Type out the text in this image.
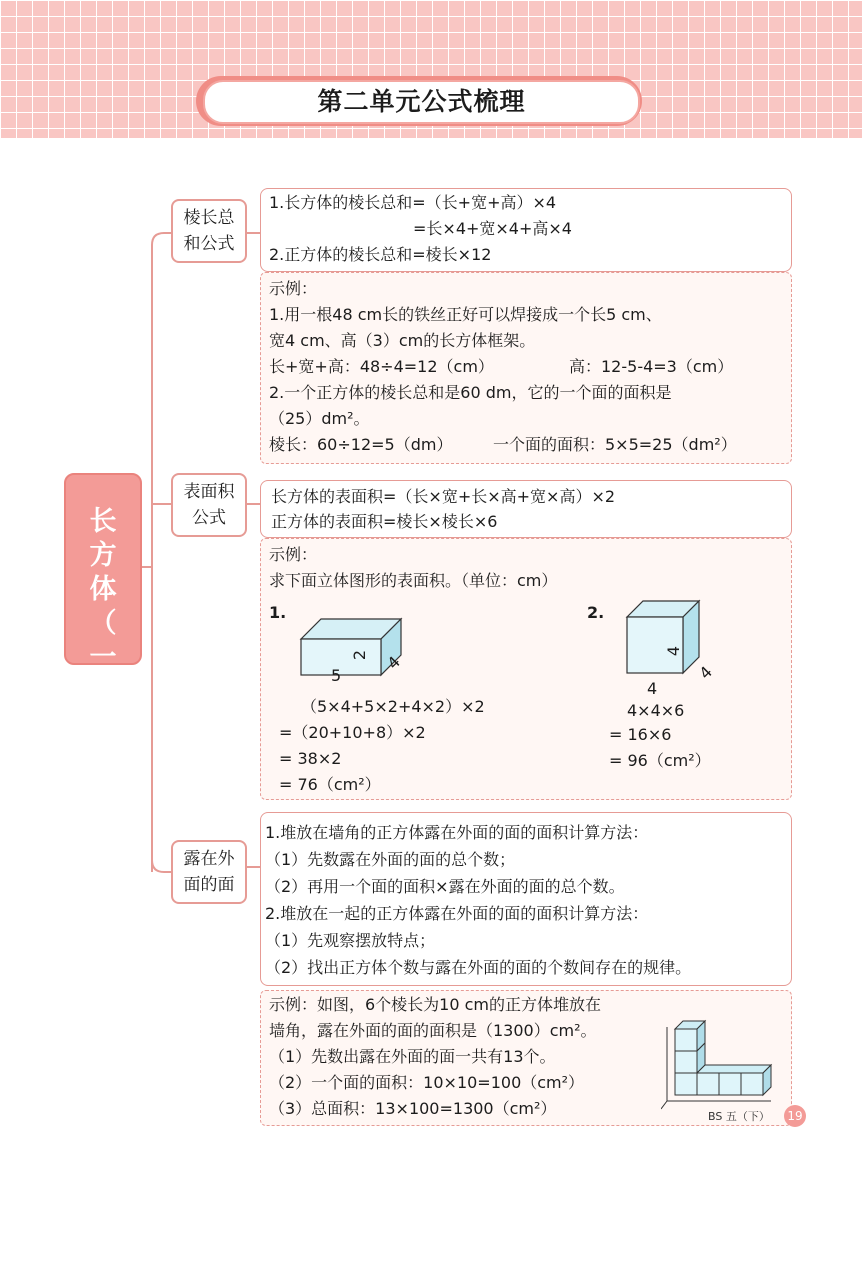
第二单元公式梳理
长
方
体
（
一
）
棱长总
和公式
1.长方体的棱长总和=（长+宽+高）×4
=长×4+宽×4+高×4
2.正方体的棱长总和=棱长×12
示例：
1.用一根48 cm长的铁丝正好可以焊接成一个长5 cm、
宽4 cm、高（3）cm的长方体框架。
长+宽+高：48÷4=12（cm）	高：12-5-4=3（cm）
2.一个正方体的棱长总和是60 dm，它的一个面的面积是
（25）dm²。
棱长：60÷12=5（dm）	一个面的面积：5×5=25（dm²）
表面积
公式
长方体的表面积=（长×宽+长×高+宽×高）×2
正方体的表面积=棱长×棱长×6
示例：
求下面立体图形的表面积。（单位：cm）
1.
5
2 4
（5×4+5×2+4×2）×2
=（20+10+8）×2
= 38×2
= 76（cm²）
2.
4
4
4
4×4×6
= 16×6
= 96（cm²）
露在外
面的面
1.堆放在墙角的正方体露在外面的面的面积计算方法：
（1）先数露在外面的面的总个数；
（2）再用一个面的面积×露在外面的面的总个数。
2.堆放在一起的正方体露在外面的面的面积计算方法：
（1）先观察摆放特点；
（2）找出正方体个数与露在外面的面的个数间存在的规律。
示例：如图，6个棱长为10 cm的正方体堆放在
墙角，露在外面的面的面积是（1300）cm²。
（1）先数出露在外面的面一共有13个。
（2）一个面的面积：10×10=100（cm²）
（3）总面积：13×100=1300（cm²）	BS 五（下） 19
